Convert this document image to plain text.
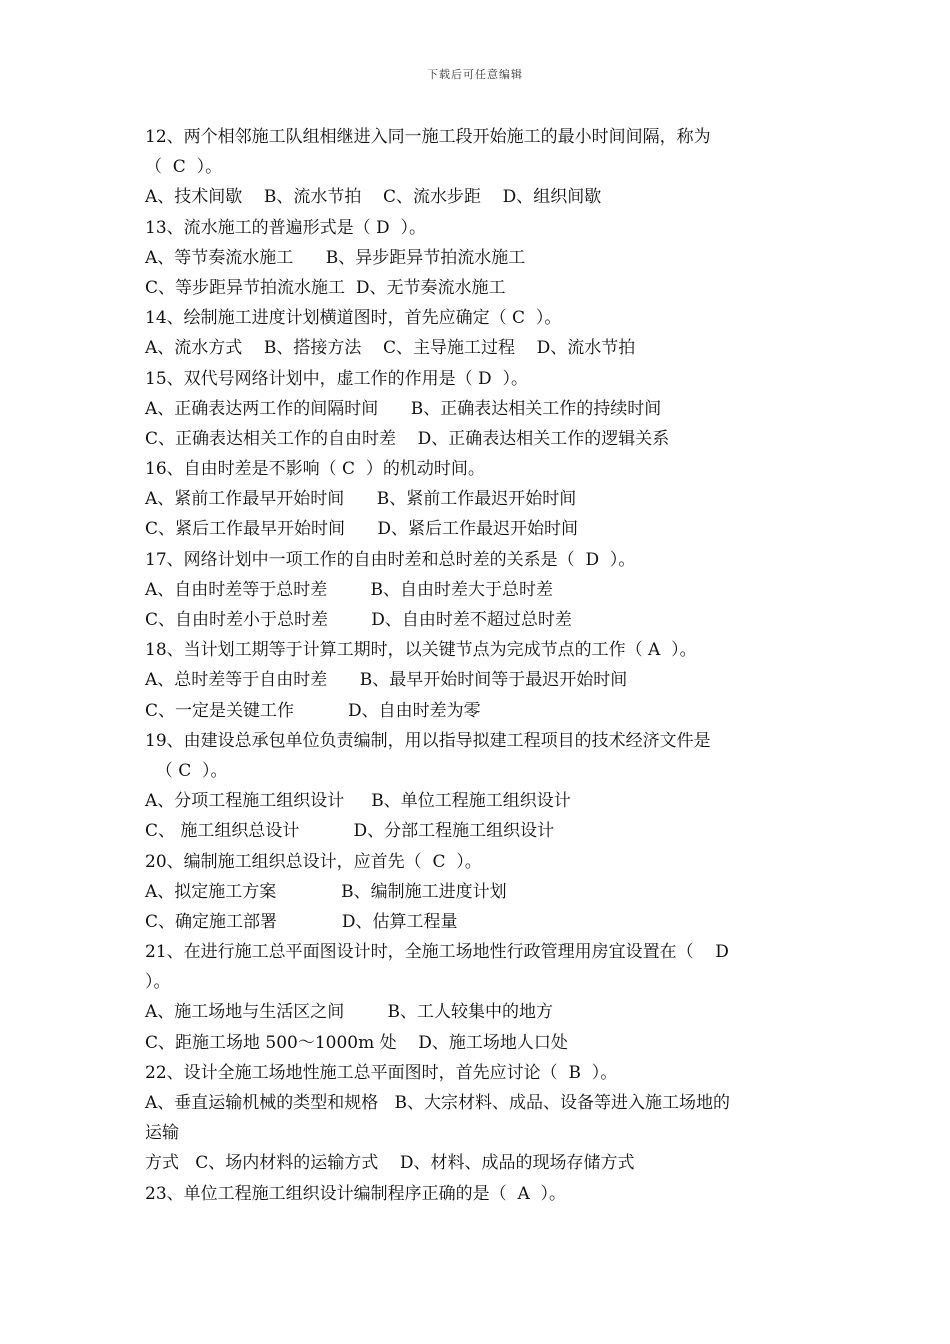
下载后可任意编辑
12、两个相邻施工队组相继进入同一施工段开始施工的最小时间间隔，称为
（  C  ）。
A、技术间歇    B、流水节拍    C、流水步距    D、组织间歇
13、流水施工的普遍形式是（ D  ）。
A、等节奏流水施工      B、异步距异节拍流水施工
C、等步距异节拍流水施工  D、无节奏流水施工
14、绘制施工进度计划横道图时，首先应确定（ C  ）。
A、流水方式    B、搭接方法    C、主导施工过程    D、流水节拍
15、双代号网络计划中，虚工作的作用是（ D  ）。
A、正确表达两工作的间隔时间      B、正确表达相关工作的持续时间
C、正确表达相关工作的自由时差    D、正确表达相关工作的逻辑关系
16、自由时差是不影响（ C  ）的机动时间。
A、紧前工作最早开始时间      B、紧前工作最迟开始时间
C、紧后工作最早开始时间      D、紧后工作最迟开始时间
17、网络计划中一项工作的自由时差和总时差的关系是（  D  ）。
A、自由时差等于总时差        B、自由时差大于总时差
C、自由时差小于总时差        D、自由时差不超过总时差
18、当计划工期等于计算工期时，以关键节点为完成节点的工作（ A  ）。
A、总时差等于自由时差      B、最早开始时间等于最迟开始时间
C、一定是关键工作          D、自由时差为零
19、由建设总承包单位负责编制，用以指导拟建工程项目的技术经济文件是
（ C  ）。
A、分项工程施工组织设计     B、单位工程施工组织设计
C、 施工组织总设计          D、分部工程施工组织设计
20、编制施工组织总设计，应首先（  C  ）。
A、拟定施工方案            B、编制施工进度计划
C、确定施工部署            D、估算工程量
21、在进行施工总平面图设计时，全施工场地性行政管理用房宜设置在（    D
）。
A、施工场地与生活区之间        B、工人较集中的地方
C、距施工场地 500～1000m 处    D、施工场地人口处
22、设计全施工场地性施工总平面图时，首先应讨论（  B  ）。
A、垂直运输机械的类型和规格   B、大宗材料、成品、设备等进入施工场地的
运输
方式   C、场内材料的运输方式    D、材料、成品的现场存储方式
23、单位工程施工组织设计编制程序正确的是（  A  ）。
